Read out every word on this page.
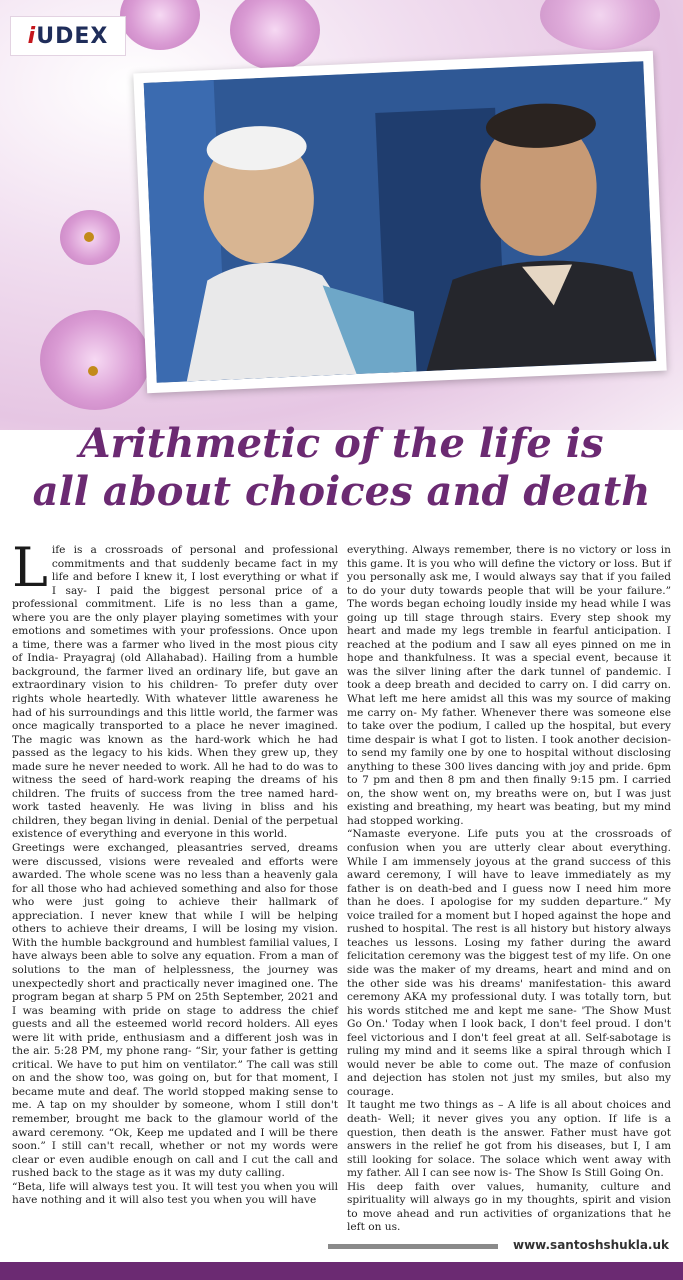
i UDEX
Arithmetic of the life is
all about choices and death

Life is a crossroads of personal and professional commitments and that suddenly became fact in my life and before I knew it, I lost everything or what if I say- I paid the biggest personal price of a professional commitment. Life is no less than a game, where you are the only player playing sometimes with your emotions and sometimes with your professions. Once upon a time, there was a farmer who lived in the most pious city of India- Prayagraj (old Allahabad). Hailing from a humble background, the farmer lived an ordinary life, but gave an extraordinary vision to his children- To prefer duty over rights whole heartedly. With whatever little awareness he had of his surroundings and this little world, the farmer was once magically transported to a place he never imagined. The magic was known as the hard-work which he had passed as the legacy to his kids. When they grew up, they made sure he never needed to work. All he had to do was to witness the seed of hard-work reaping the dreams of his children. The fruits of success from the tree named hard-work tasted heavenly. He was living in bliss and his children, they began living in denial. Denial of the perpetual existence of everything and everyone in this world.

Greetings were exchanged, pleasantries served, dreams were discussed, visions were revealed and efforts were awarded. The whole scene was no less than a heavenly gala for all those who had achieved something and also for those who were just going to achieve their hallmark of appreciation. I never knew that while I will be helping others to achieve their dreams, I will be losing my vision. With the humble background and humblest familial values, I have always been able to solve any equation. From a man of solutions to the man of helplessness, the journey was unexpectedly short and practically never imagined one. The program began at sharp 5 PM on 25th September, 2021 and I was beaming with pride on stage to address the chief guests and all the esteemed world record holders. All eyes were lit with pride, enthusiasm and a different josh was in the air. 5:28 PM, my phone rang- “Sir, your father is getting critical. We have to put him on ventilator.” The call was still on and the show too, was going on, but for that moment, I became mute and deaf. The world stopped making sense to me. A tap on my shoulder by someone, whom I still don't remember, brought me back to the glamour world of the award ceremony. “Ok, Keep me updated and I will be there soon.” I still can't recall, whether or not my words were clear or even audible enough on call and I cut the call and rushed back to the stage as it was my duty calling.

“Beta, life will always test you. It will test you when you will have nothing and it will also test you when you will have

everything. Always remember, there is no victory or loss in this game. It is you who will define the victory or loss. But if you personally ask me, I would always say that if you failed to do your duty towards people that will be your failure.” The words began echoing loudly inside my head while I was going up till stage through stairs. Every step shook my heart and made my legs tremble in fearful anticipation. I reached at the podium and I saw all eyes pinned on me in hope and thankfulness. It was a special event, because it was the silver lining after the dark tunnel of pandemic. I took a deep breath and decided to carry on. I did carry on. What left me here amidst all this was my source of making me carry on- My father. Whenever there was someone else to take over the podium, I called up the hospital, but every time despair is what I got to listen. I took another decision- to send my family one by one to hospital without disclosing anything to these 300 lives dancing with joy and pride. 6pm to 7 pm and then 8 pm and then finally 9:15 pm. I carried on, the show went on, my breaths were on, but I was just existing and breathing, my heart was beating, but my mind had stopped working.

“Namaste everyone. Life puts you at the crossroads of confusion when you are utterly clear about everything. While I am immensely joyous at the grand success of this award ceremony, I will have to leave immediately as my father is on death-bed and I guess now I need him more than he does. I apologise for my sudden departure.” My voice trailed for a moment but I hoped against the hope and rushed to hospital. The rest is all history but history always teaches us lessons. Losing my father during the award felicitation ceremony was the biggest test of my life. On one side was the maker of my dreams, heart and mind and on the other side was his dreams' manifestation- this award ceremony AKA my professional duty. I was totally torn, but his words stitched me and kept me sane- 'The Show Must Go On.' Today when I look back, I don't feel proud. I don't feel victorious and I don't feel great at all. Self-sabotage is ruling my mind and it seems like a spiral through which I would never be able to come out. The maze of confusion and dejection has stolen not just my smiles, but also my courage.

It taught me two things as – A life is all about choices and death- Well; it never gives you any option. If life is a question, then death is the answer. Father must have got answers in the relief he got from his diseases, but I, I am still looking for solace. The solace which went away with my father. All I can see now is- The Show Is Still Going On.

His deep faith over values, humanity, culture and spirituality will always go in my thoughts, spirit and vision to move ahead and run activities of organizations that he left on us.

www.santoshshukla.uk
